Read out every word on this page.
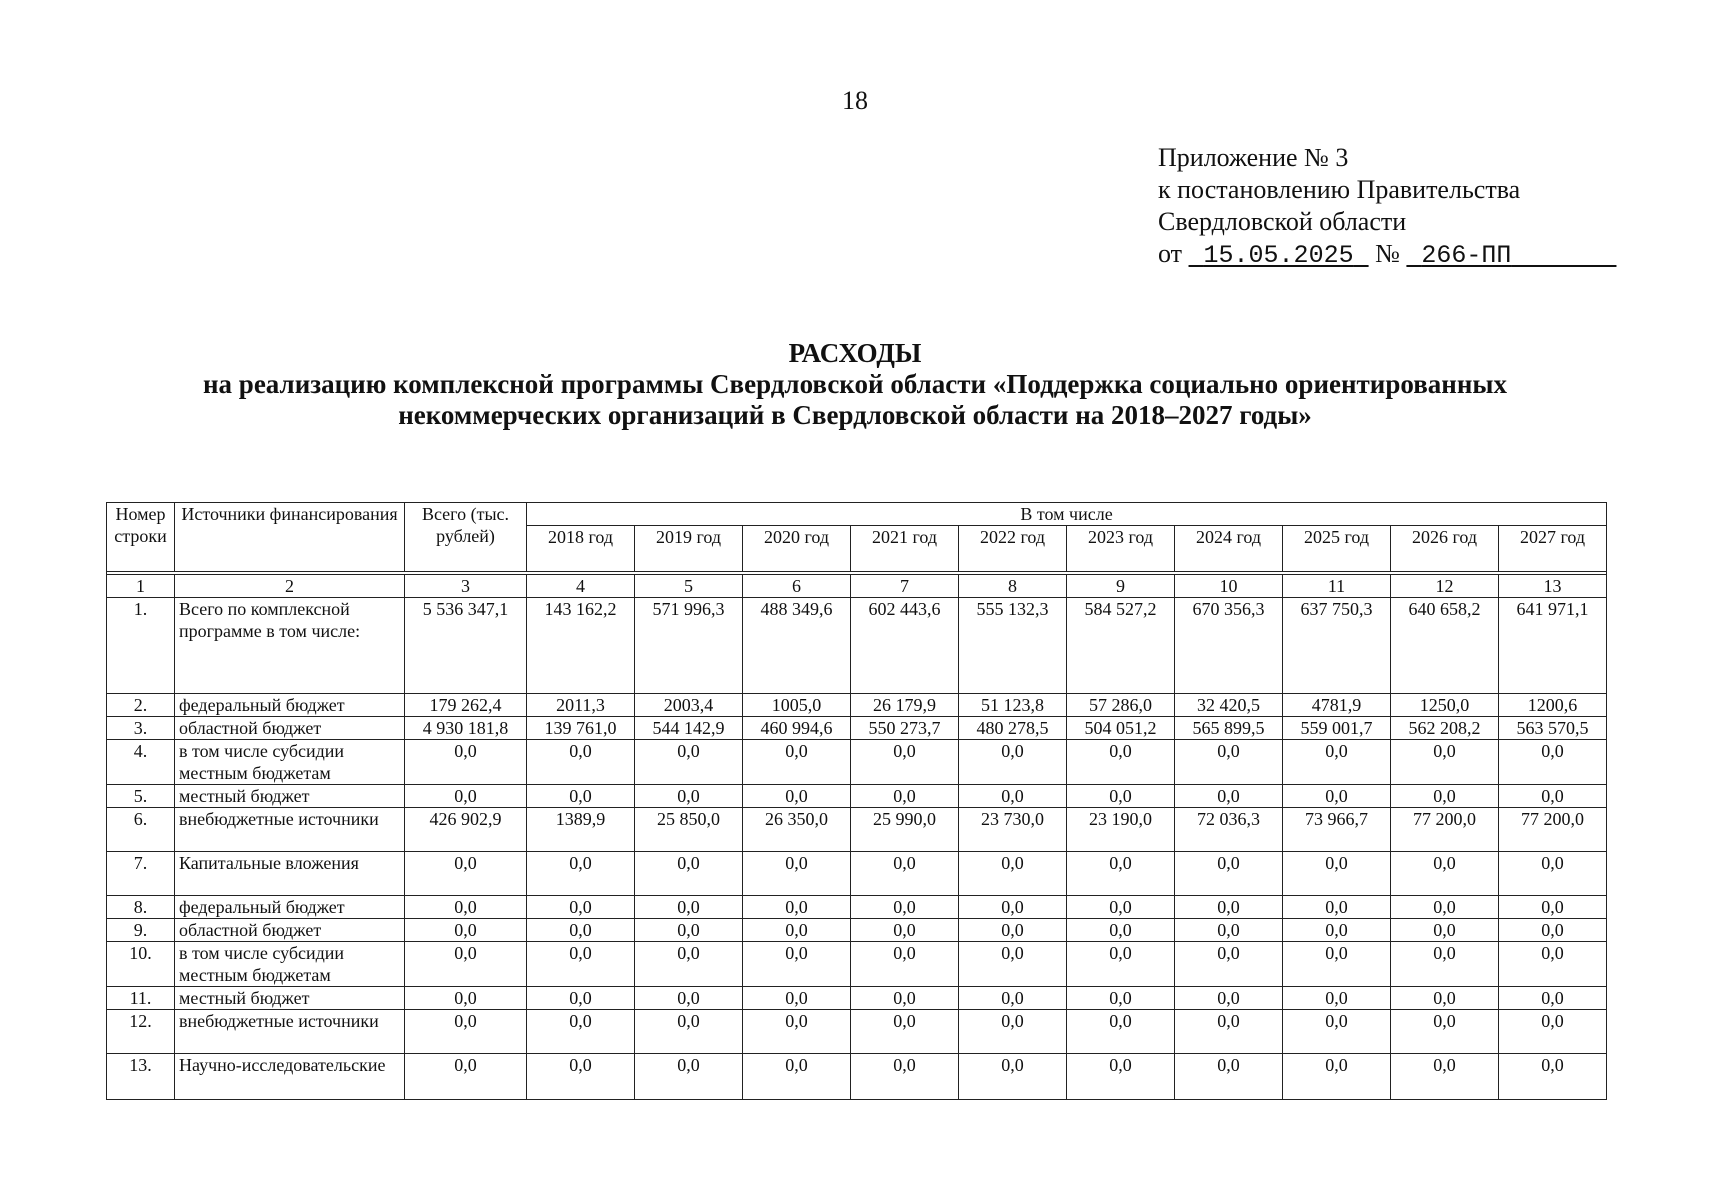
18
Приложение № 3
к постановлению Правительства
Свердловской области
от 15.05.2025 № 266-ПП
РАСХОДЫ
на реализацию комплексной программы Свердловской области «Поддержка социально ориентированных
некоммерческих организаций в Свердловской области на 2018–2027 годы»
Номер строки	Источники финансирования	Всего (тыс. рублей)	В том числе									
			2018 год	2019 год	2020 год	2021 год	2022 год	2023 год	2024 год	2025 год	2026 год	2027 год

1	2	3	4	5	6	7	8	9	10	11	12	13
1.	Всего по комплексной программе в том числе:	5 536 347,1	143 162,2	571 996,3	488 349,6	602 443,6	555 132,3	584 527,2	670 356,3	637 750,3	640 658,2	641 971,1
2.	федеральный бюджет	179 262,4	2011,3	2003,4	1005,0	26 179,9	51 123,8	57 286,0	32 420,5	4781,9	1250,0	1200,6
3.	областной бюджет	4 930 181,8	139 761,0	544 142,9	460 994,6	550 273,7	480 278,5	504 051,2	565 899,5	559 001,7	562 208,2	563 570,5
4.	в том числе субсидии местным бюджетам	0,0	0,0	0,0	0,0	0,0	0,0	0,0	0,0	0,0	0,0	0,0
5.	местный бюджет	0,0	0,0	0,0	0,0	0,0	0,0	0,0	0,0	0,0	0,0	0,0
6.	внебюджетные источники	426 902,9	1389,9	25 850,0	26 350,0	25 990,0	23 730,0	23 190,0	72 036,3	73 966,7	77 200,0	77 200,0
7.	Капитальные вложения	0,0	0,0	0,0	0,0	0,0	0,0	0,0	0,0	0,0	0,0	0,0
8.	федеральный бюджет	0,0	0,0	0,0	0,0	0,0	0,0	0,0	0,0	0,0	0,0	0,0
9.	областной бюджет	0,0	0,0	0,0	0,0	0,0	0,0	0,0	0,0	0,0	0,0	0,0
10.	в том числе субсидии местным бюджетам	0,0	0,0	0,0	0,0	0,0	0,0	0,0	0,0	0,0	0,0	0,0
11.	местный бюджет	0,0	0,0	0,0	0,0	0,0	0,0	0,0	0,0	0,0	0,0	0,0
12.	внебюджетные источники	0,0	0,0	0,0	0,0	0,0	0,0	0,0	0,0	0,0	0,0	0,0
13.	Научно-исследовательские	0,0	0,0	0,0	0,0	0,0	0,0	0,0	0,0	0,0	0,0	0,0
